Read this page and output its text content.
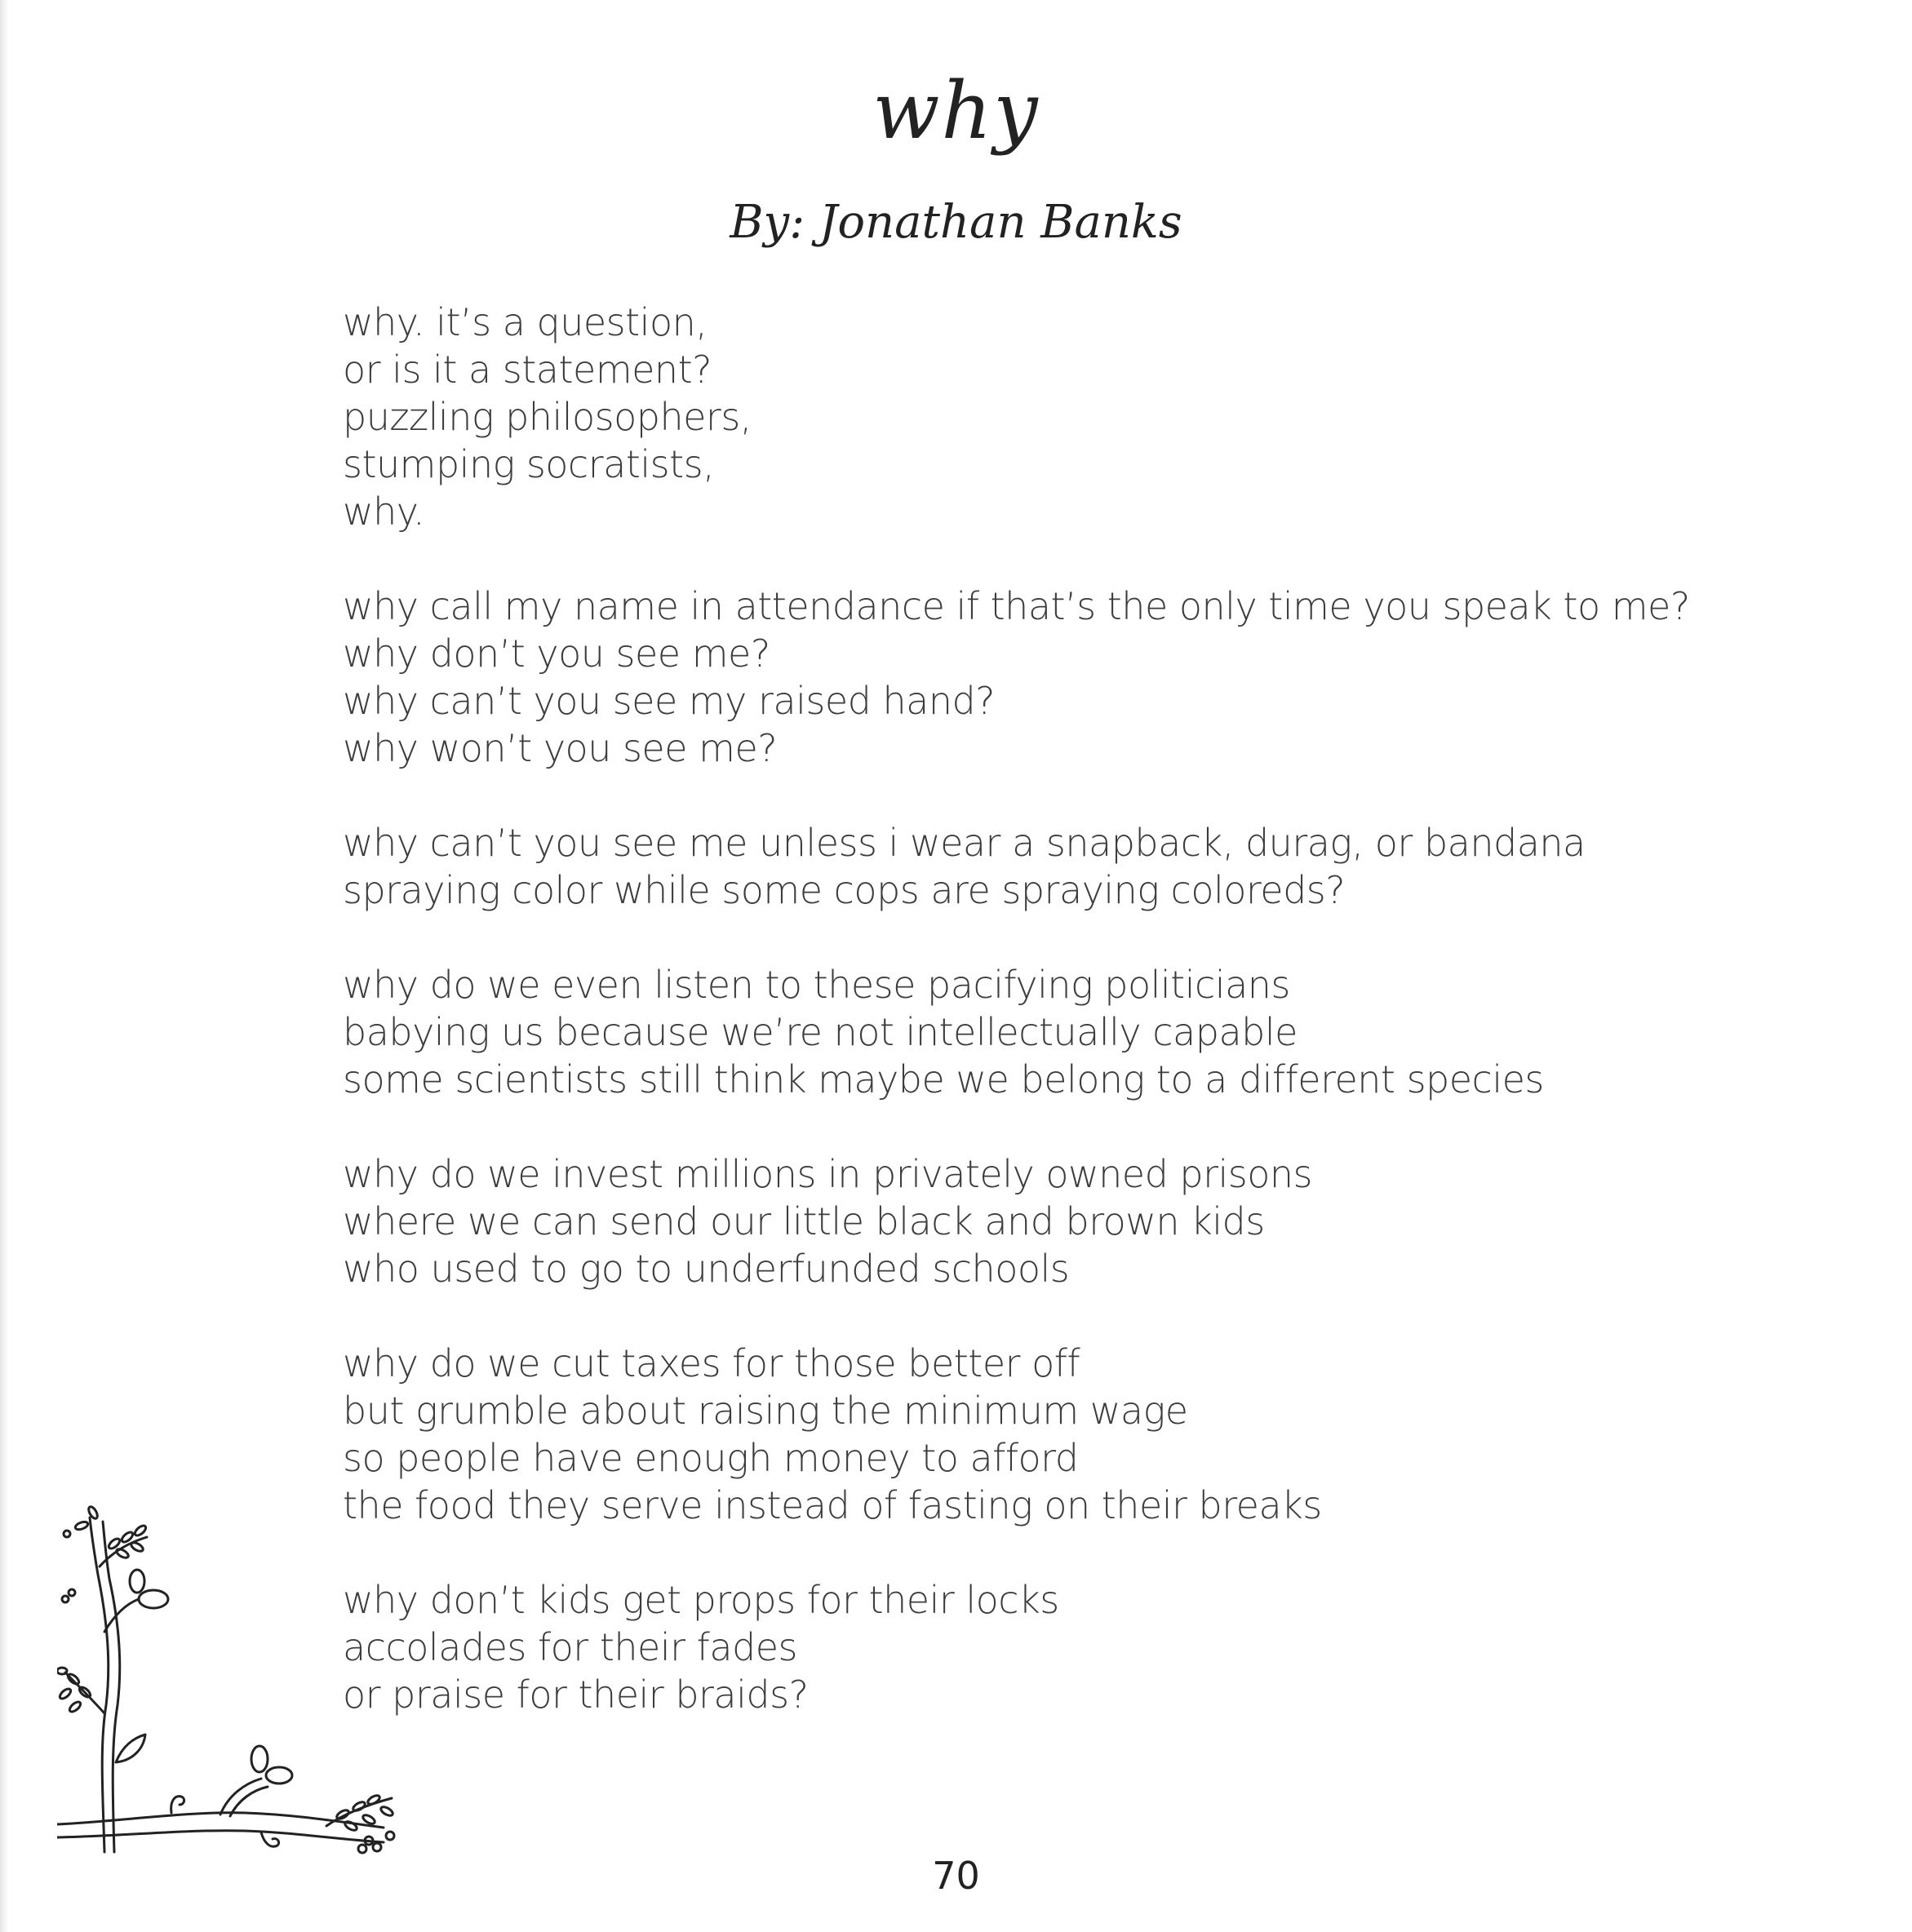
why
By: Jonathan Banks
why. it’s a question,
or is it a statement?
puzzling philosophers,
stumping socratists,
why.
why call my name in attendance if that’s the only time you speak to me?
why don’t you see me?
why can’t you see my raised hand?
why won’t you see me?
why can’t you see me unless i wear a snapback, durag, or bandana
spraying color while some cops are spraying coloreds?
why do we even listen to these pacifying politicians
babying us because we’re not intellectually capable
some scientists still think maybe we belong to a different species
why do we invest millions in privately owned prisons
where we can send our little black and brown kids
who used to go to underfunded schools
why do we cut taxes for those better off
but grumble about raising the minimum wage
so people have enough money to afford
the food they serve instead of fasting on their breaks
why don’t kids get props for their locks
accolades for their fades
or praise for their braids?
70
